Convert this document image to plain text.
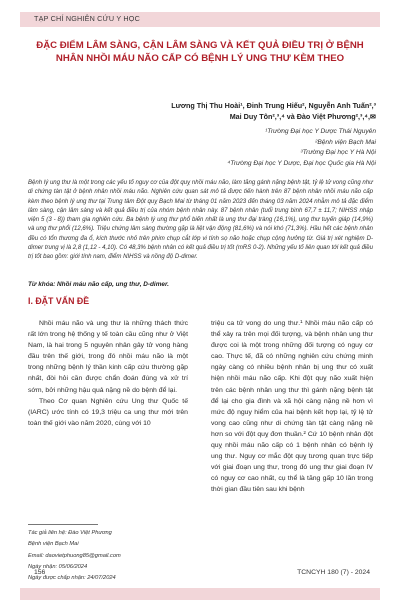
TẠP CHÍ NGHIÊN CỨU Y HỌC
ĐẶC ĐIỂM LÂM SÀNG, CẬN LÂM SÀNG VÀ KẾT QUẢ ĐIỀU TRỊ Ở BỆNH NHÂN NHỒI MÁU NÃO CẤP CÓ BỆNH LÝ UNG THƯ KÈM THEO
Lương Thị Thu Hoài¹, Đinh Trung Hiếu², Nguyễn Anh Tuấn²,³
Mai Duy Tôn²,³,⁴ và Đào Việt Phương²,³,⁴,✉
¹Trường Đại học Y Dược Thái Nguyên
²Bệnh viện Bạch Mai
³Trường Đại học Y Hà Nội
⁴Trường Đại học Y Dược, Đại học Quốc gia Hà Nội

Bệnh lý ung thư là một trong các yếu tố nguy cơ của đột quỵ nhồi máu não, làm tăng gánh nặng bệnh tật, tỷ lệ tử vong cũng như di chứng tàn tật ở bệnh nhân nhồi máu não. Nghiên cứu quan sát mô tả được tiến hành trên 87 bệnh nhân nhồi máu não cấp kèm theo bệnh lý ung thư tại Trung tâm Đột quỵ Bạch Mai từ tháng 01 năm 2023 đến tháng 03 năm 2024 nhằm mô tả đặc điểm lâm sàng, cận lâm sàng và kết quả điều trị của nhóm bệnh nhân này. 87 bệnh nhân (tuổi trung bình 67,7 ± 11,7; NIHSS nhập viện 5 (3 - 8)) tham gia nghiên cứu. Ba bệnh lý ung thư phổ biến nhất là ung thư đại tràng (16,1%), ung thư tuyến giáp (14,9%) và ung thư phổi (12,6%). Triệu chứng lâm sàng thường gặp là liệt vận động (81,6%) và nói khó (71,3%). Hầu hết các bệnh nhân đều có tổn thương đa ổ, kích thước nhỏ trên phim chụp cắt lớp vi tính sọ não hoặc chụp cộng hưởng từ. Giá trị xét nghiệm D-dimer trung vị là 2,8 (1,12 - 4,10). Có 48,3% bệnh nhân có kết quả điều trị tốt (mRS 0-2). Những yếu tố liên quan tới kết quả điều trị tốt bao gồm: giới tính nam, điểm NIHSS và nồng độ D-dimer.

Từ khóa: Nhồi máu não cấp, ung thư, D-dimer.
I. ĐẶT VẤN ĐỀ

Nhồi máu não và ung thư là những thách thức rất lớn trong hệ thống y tế toàn cầu cũng như ở Việt Nam, là hai trong 5 nguyên nhân gây tử vong hàng đầu trên thế giới, trong đó nhồi máu não là một trong những bệnh lý thần kinh cấp cứu thường gặp nhất, đòi hỏi cần được chẩn đoán đúng và xử trí sớm, bởi những hậu quả nặng nề do bệnh để lại.

Theo Cơ quan Nghiên cứu Ung thư Quốc tế (IARC) ước tính có 19,3 triệu ca ung thư mới trên toàn thế giới vào năm 2020, cùng với 10

triệu ca tử vong do ung thư.¹ Nhồi máu não cấp có thể xảy ra trên mọi đối tượng, và bệnh nhân ung thư được coi là một trong những đối tượng có nguy cơ cao. Thực tế, đã có những nghiên cứu chứng minh ngày càng có nhiều bệnh nhân bị ung thư có xuất hiện nhồi máu não cấp. Khi đột quỵ não xuất hiện trên các bệnh nhân ung thư thì gánh nặng bệnh tật để lại cho gia đình và xã hội càng nặng nề hơn vì mức độ nguy hiểm của hai bệnh kết hợp lại, tỷ lệ tử vong cao cũng như di chứng tàn tật càng nặng nề hơn so với đột quỵ đơn thuần.² Cứ 10 bệnh nhân đột quỵ nhồi máu não cấp có 1 bệnh nhân có bệnh lý ung thư. Nguy cơ mắc đột quỵ tương quan trực tiếp với giai đoạn ung thư, trong đó ung thư giai đoạn IV có nguy cơ cao nhất, cụ thể là tăng gấp 10 lần trong thời gian đầu tiên sau khi bệnh

Tác giả liên hệ: Đào Việt Phương
Bệnh viện Bạch Mai
Email: daovietphuong85@gmail.com
Ngày nhận: 05/06/2024
Ngày được chấp nhận: 24/07/2024
156	TCNCYH 180 (7) - 2024
